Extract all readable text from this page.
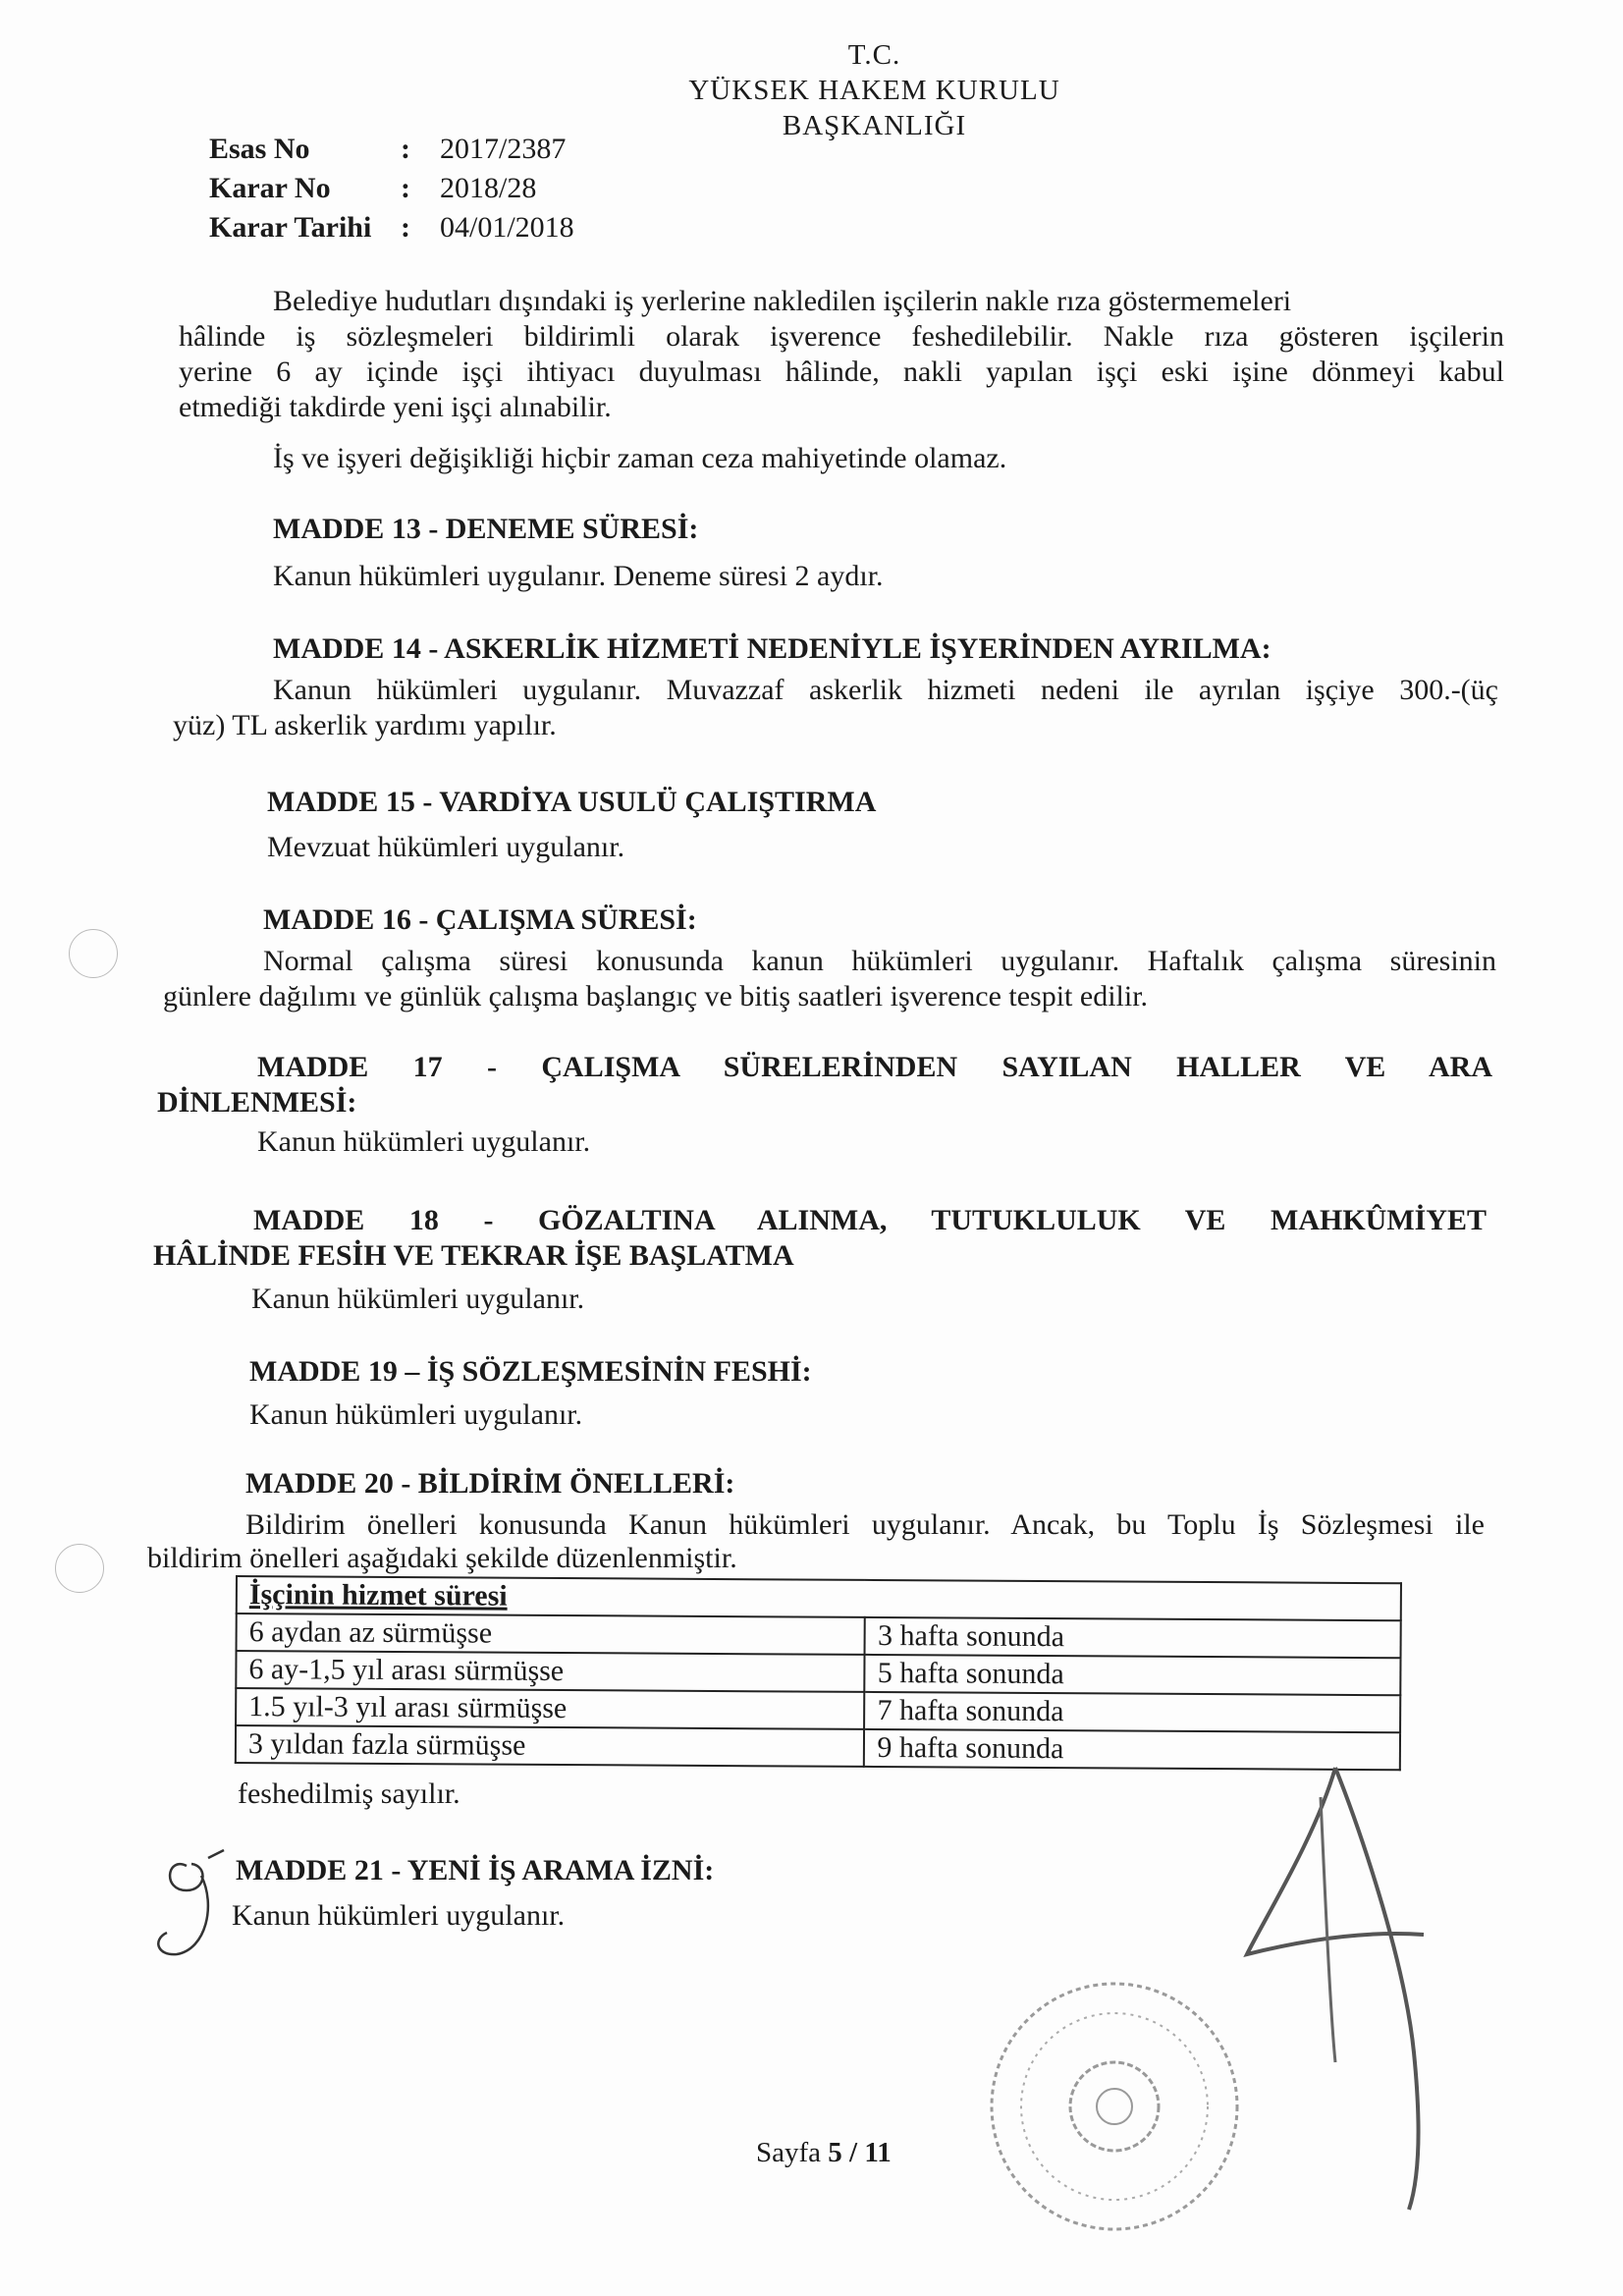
T.C.
YÜKSEK HAKEM KURULU
BAŞKANLIĞI
Esas No	:	2017/2387
Karar No	:	2018/28
Karar Tarihi :	04/01/2018
Belediye hudutları dışındaki iş yerlerine nakledilen işçilerin nakle rıza göstermemeleri
hâlinde iş sözleşmeleri bildirimli olarak işverence feshedilebilir. Nakle rıza gösteren işçilerin
yerine 6 ay içinde işçi ihtiyacı duyulması hâlinde, nakli yapılan işçi eski işine dönmeyi kabul
etmediği takdirde yeni işçi alınabilir.
İş ve işyeri değişikliği hiçbir zaman ceza mahiyetinde olamaz.
MADDE 13 - DENEME SÜRESİ:
Kanun hükümleri uygulanır. Deneme süresi 2 aydır.
MADDE 14 - ASKERLİK HİZMETİ NEDENİYLE İŞYERİNDEN AYRILMA:
Kanun hükümleri uygulanır. Muvazzaf askerlik hizmeti nedeni ile ayrılan işçiye 300.-(üç
yüz) TL askerlik yardımı yapılır.
MADDE 15 - VARDİYA USULÜ ÇALIŞTIRMA
Mevzuat hükümleri uygulanır.
MADDE 16 - ÇALIŞMA SÜRESİ:
Normal çalışma süresi konusunda kanun hükümleri uygulanır. Haftalık çalışma süresinin
günlere dağılımı ve günlük çalışma başlangıç ve bitiş saatleri işverence tespit edilir.
MADDE 17 - ÇALIŞMA SÜRELERİNDEN SAYILAN HALLER VE ARA
DİNLENMESİ:
Kanun hükümleri uygulanır.
MADDE 18 - GÖZALTINA ALINMA, TUTUKLULUK VE MAHKÛMİYET
HÂLİNDE FESİH VE TEKRAR İŞE BAŞLATMA
Kanun hükümleri uygulanır.
MADDE 19 – İŞ SÖZLEŞMESİNİN FESHİ:
Kanun hükümleri uygulanır.
MADDE 20 - BİLDİRİM ÖNELLERİ:
Bildirim önelleri konusunda Kanun hükümleri uygulanır. Ancak, bu Toplu İş Sözleşmesi ile
bildirim önelleri aşağıdaki şekilde düzenlenmiştir.
İşçinin hizmet süresi	
6 aydan az sürmüşse	3 hafta sonunda
6 ay-1,5 yıl arası sürmüşse	5 hafta sonunda
1.5 yıl-3 yıl arası sürmüşse	7 hafta sonunda
3 yıldan fazla sürmüşse	9 hafta sonunda
feshedilmiş sayılır.
MADDE 21 - YENİ İŞ ARAMA İZNİ:
Kanun hükümleri uygulanır.
Sayfa 5 / 11
